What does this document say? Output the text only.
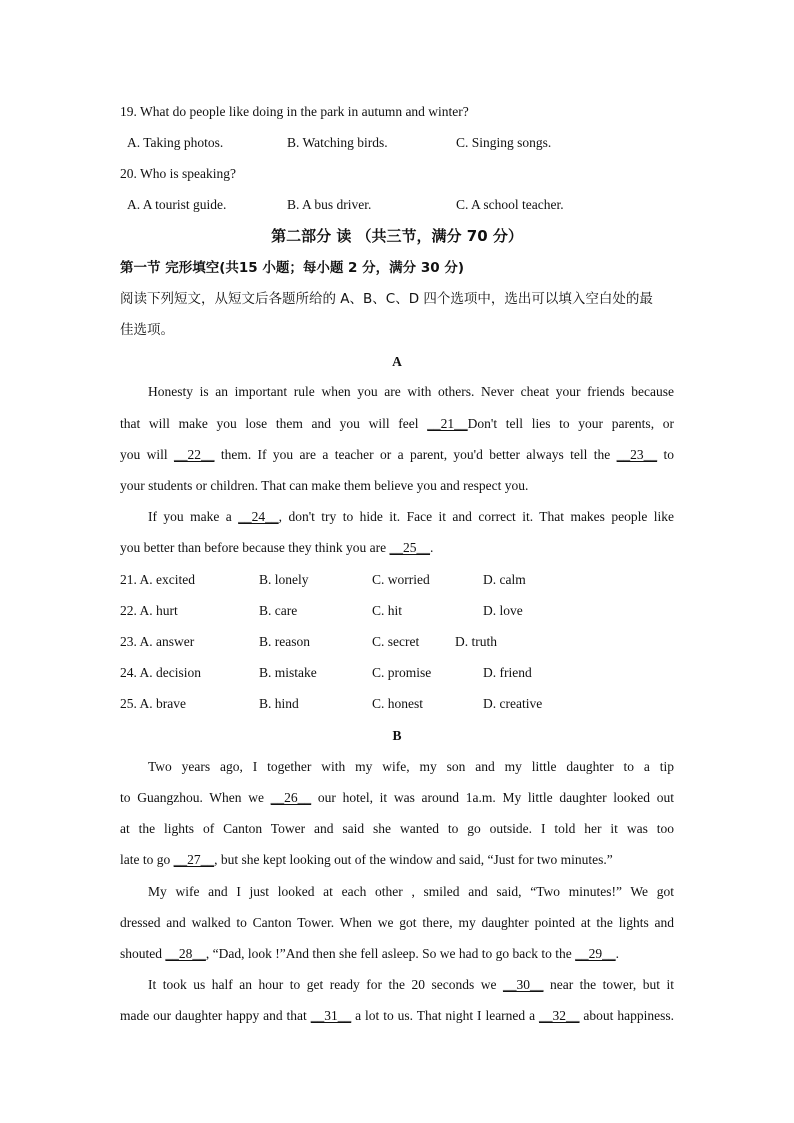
19. What do people like doing in the park in autumn and winter?
A. Taking photos.	B. Watching birds.	C. Singing songs.
20. Who is speaking?
A. A tourist guide.	B. A bus driver.	C. A school teacher.
第二部分 读 （共三节，满分 70 分）
第一节 完形填空(共15 小题；每小题 2 分，满分 30 分)
阅读下列短文，从短文后各题所给的 A、B、C、D 四个选项中，选出可以填入空白处的最
佳选项。
A
Honesty is an important rule when you are with others. Never cheat your friends because
that will make you lose them and you will feel __21__Don't tell lies to your parents, or
you will __22__ them. If you are a teacher or a parent, you'd better always tell the __23__ to
your students or children. That can make them believe you and respect you.
If you make a __24__, don't try to hide it. Face it and correct it. That makes people like
you better than before because they think you are __25__.
21. A. excited	B. lonely	C. worried	D. calm
22. A. hurt	B. care	C. hit	D. love
23. A. answer	B. reason	C. secret	D. truth
24. A. decision	B. mistake	C. promise	D. friend
25. A. brave	B. hind	C. honest	D. creative
B
Two years ago, I together with my wife, my son and my little daughter to a tip
to Guangzhou. When we __26__ our hotel, it was around 1a.m. My little daughter looked out
at the lights of Canton Tower and said she wanted to go outside. I told her it was too
late to go __27__, but she kept looking out of the window and said, “Just for two minutes.”
My wife and I just looked at each other , smiled and said, “Two minutes!” We got
dressed and walked to Canton Tower. When we got there, my daughter pointed at the lights and
shouted __28__, “Dad, look !”And then she fell asleep. So we had to go back to the __29__.
It took us half an hour to get ready for the 20 seconds we __30__ near the tower, but it
made our daughter happy and that __31__ a lot to us. That night I learned a __32__ about happiness.
